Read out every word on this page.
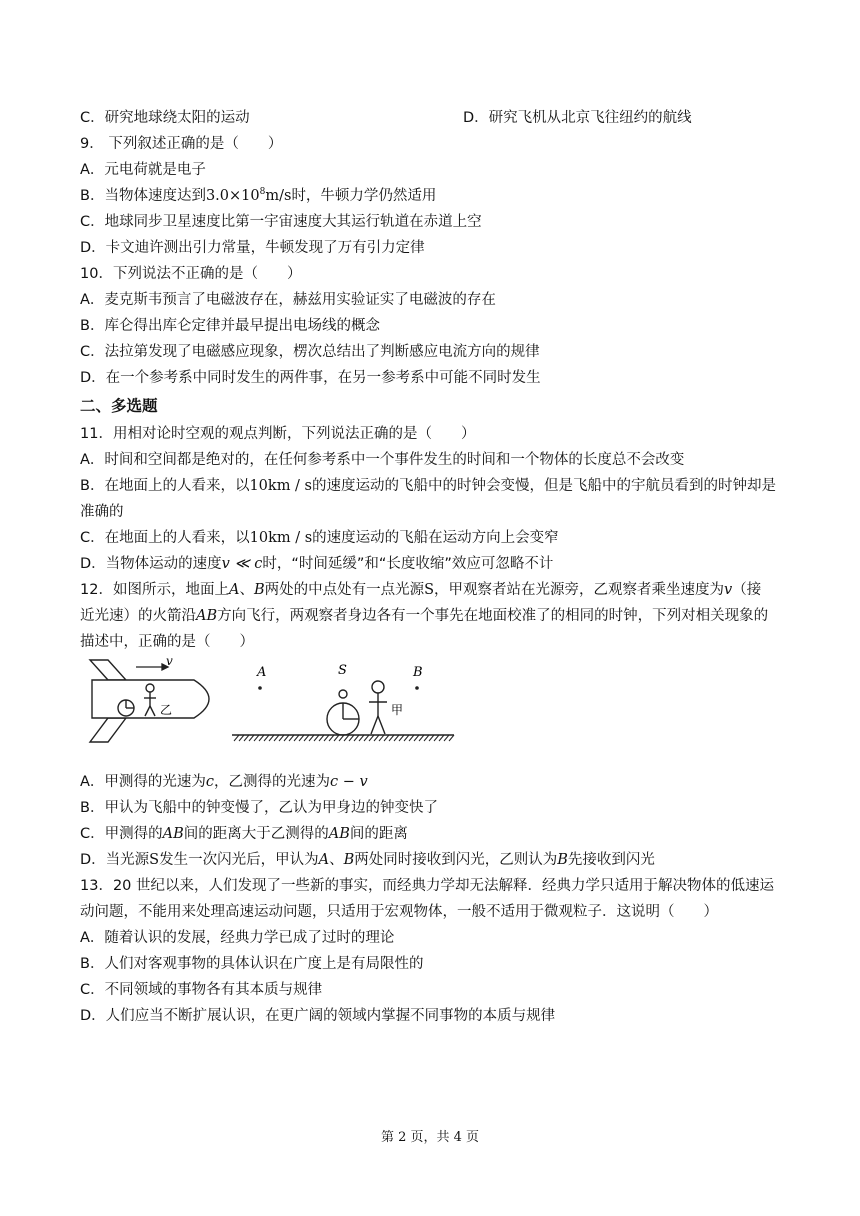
C．研究地球绕太阳的运动	D．研究飞机从北京飞往纽约的航线
9． 下列叙述正确的是（　　）
A．元电荷就是电子
B．当物体速度达到$3.0\times 10^8m/s$时，牛顿力学仍然适用
C．地球同步卫星速度比第一宇宙速度大其运行轨道在赤道上空
D．卡文迪许测出引力常量，牛顿发现了万有引力定律
10．下列说法不正确的是（　　）
A．麦克斯韦预言了电磁波存在，赫兹用实验证实了电磁波的存在
B．库仑得出库仑定律并最早提出电场线的概念
C．法拉第发现了电磁感应现象，楞次总结出了判断感应电流方向的规律
D．在一个参考系中同时发生的两件事，在另一参考系中可能不同时发生
二、多选题
11．用相对论时空观的观点判断，下列说法正确的是（　　）
A．时间和空间都是绝对的，在任何参考系中一个事件发生的时间和一个物体的长度总不会改变
B．在地面上的人看来，以10km / s的速度运动的飞船中的时钟会变慢，但是飞船中的宇航员看到的时钟却是
准确的
C．在地面上的人看来，以10km / s的速度运动的飞船在运动方向上会变窄
D．当物体运动的速度v ≪ c时，“时间延缓”和“长度收缩”效应可忽略不计
12．如图所示，地面上A、B两处的中点处有一点光源S，甲观察者站在光源旁，乙观察者乘坐速度为v（接
近光速）的火箭沿AB方向飞行，两观察者身边各有一个事先在地面校准了的相同的时钟，下列对相关现象的
描述中，正确的是（　　）
v
乙
A	S	B
甲
A．甲测得的光速为c，乙测得的光速为c − v
B．甲认为飞船中的钟变慢了，乙认为甲身边的钟变快了
C．甲测得的AB间的距离大于乙测得的AB间的距离
D．当光源S发生一次闪光后，甲认为A、B两处同时接收到闪光，乙则认为B先接收到闪光
13．20 世纪以来，人们发现了一些新的事实，而经典力学却无法解释．经典力学只适用于解决物体的低速运
动问题，不能用来处理高速运动问题，只适用于宏观物体，一般不适用于微观粒子．这说明（　　）
A．随着认识的发展，经典力学已成了过时的理论
B．人们对客观事物的具体认识在广度上是有局限性的
C．不同领域的事物各有其本质与规律
D．人们应当不断扩展认识，在更广阔的领域内掌握不同事物的本质与规律
第 2 页，共 4 页
